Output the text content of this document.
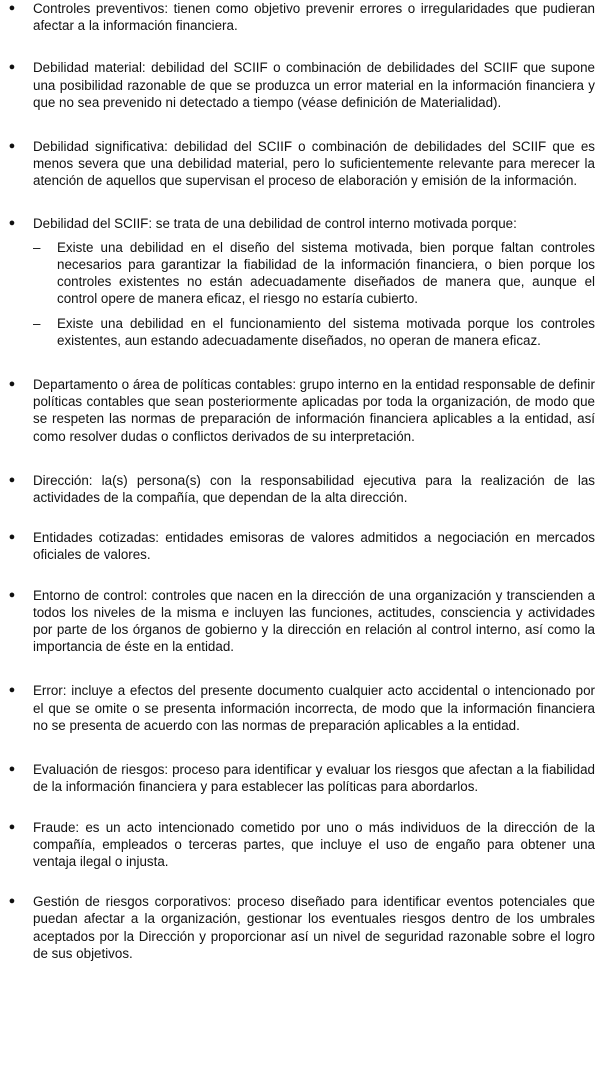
● Controles preventivos: tienen como objetivo prevenir errores o irregularidades que pudieran afectar a la información financiera.

● Debilidad material: debilidad del SCIIF o combinación de debilidades del SCIIF que supone una posibilidad razonable de que se produzca un error material en la información financiera y que no sea prevenido ni detectado a tiempo (véase definición de Materialidad).

● Debilidad significativa: debilidad del SCIIF o combinación de debilidades del SCIIF que es menos severa que una debilidad material, pero lo suficientemente relevante para merecer la atención de aquellos que supervisan el proceso de elaboración y emisión de la información.

● Debilidad del SCIIF: se trata de una debilidad de control interno motivada porque:

– Existe una debilidad en el diseño del sistema motivada, bien porque faltan controles necesarios para garantizar la fiabilidad de la información financiera, o bien porque los controles existentes no están adecuadamente diseñados de manera que, aunque el control opere de manera eficaz, el riesgo no estaría cubierto.

– Existe una debilidad en el funcionamiento del sistema motivada porque los controles existentes, aun estando adecuadamente diseñados, no operan de manera eficaz.

● Departamento o área de políticas contables: grupo interno en la entidad responsable de definir políticas contables que sean posteriormente aplicadas por toda la organización, de modo que se respeten las normas de preparación de información financiera aplicables a la entidad, así como resolver dudas o conflictos derivados de su interpretación.

● Dirección: la(s) persona(s) con la responsabilidad ejecutiva para la realización de las actividades de la compañía, que dependan de la alta dirección.

● Entidades cotizadas: entidades emisoras de valores admitidos a negociación en mercados oficiales de valores.

● Entorno de control: controles que nacen en la dirección de una organización y transcienden a todos los niveles de la misma e incluyen las funciones, actitudes, consciencia y actividades por parte de los órganos de gobierno y la dirección en relación al control interno, así como la importancia de éste en la entidad.

● Error: incluye a efectos del presente documento cualquier acto accidental o intencionado por el que se omite o se presenta información incorrecta, de modo que la información financiera no se presenta de acuerdo con las normas de preparación aplicables a la entidad.

● Evaluación de riesgos: proceso para identificar y evaluar los riesgos que afectan a la fiabilidad de la información financiera y para establecer las políticas para abordarlos.

● Fraude: es un acto intencionado cometido por uno o más individuos de la dirección de la compañía, empleados o terceras partes, que incluye el uso de engaño para obtener una ventaja ilegal o injusta.

● Gestión de riesgos corporativos: proceso diseñado para identificar eventos potenciales que puedan afectar a la organización, gestionar los eventuales riesgos dentro de los umbrales aceptados por la Dirección y proporcionar así un nivel de seguridad razonable sobre el logro de sus objetivos.
